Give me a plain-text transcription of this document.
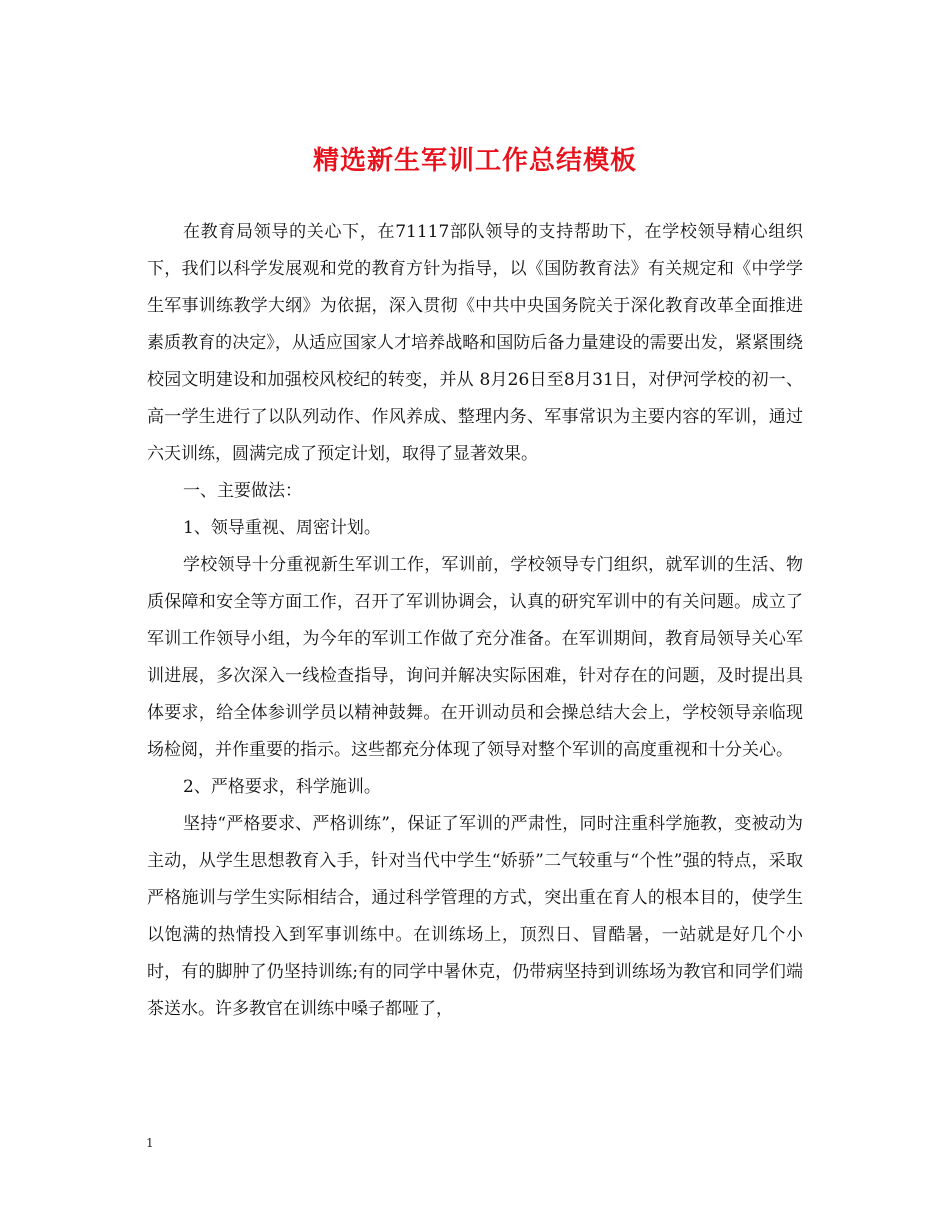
精选新生军训工作总结模板

在教育局领导的关心下，在71117部队领导的支持帮助下，在学校领导精心组织下，我们以科学发展观和党的教育方针为指导，以《国防教育法》有关规定和《中学学生军事训练教学大纲》为依据，深入贯彻《中共中央国务院关于深化教育改革全面推进素质教育的决定》，从适应国家人才培养战略和国防后备力量建设的需要出发，紧紧围绕校园文明建设和加强校风校纪的转变，并从 8月26日至8月31日，对伊河学校的初一、高一学生进行了以队列动作、作风养成、整理内务、军事常识为主要内容的军训，通过六天训练，圆满完成了预定计划，取得了显著效果。

一、主要做法：

1、领导重视、周密计划。

学校领导十分重视新生军训工作，军训前，学校领导专门组织，就军训的生活、物质保障和安全等方面工作，召开了军训协调会，认真的研究军训中的有关问题。成立了军训工作领导小组，为今年的军训工作做了充分准备。在军训期间，教育局领导关心军训进展，多次深入一线检查指导，询问并解决实际困难，针对存在的问题，及时提出具体要求，给全体参训学员以精神鼓舞。在开训动员和会操总结大会上，学校领导亲临现场检阅，并作重要的指示。这些都充分体现了领导对整个军训的高度重视和十分关心。

2、严格要求，科学施训。

坚持“严格要求、严格训练”，保证了军训的严肃性，同时注重科学施教，变被动为主动，从学生思想教育入手，针对当代中学生“娇骄”二气较重与“个性”强的特点，采取严格施训与学生实际相结合，通过科学管理的方式，突出重在育人的根本目的，使学生以饱满的热情投入到军事训练中。在训练场上，顶烈日、冒酷暑，一站就是好几个小时，有的脚肿了仍坚持训练;有的同学中暑休克，仍带病坚持到训练场为教官和同学们端茶送水。许多教官在训练中嗓子都哑了，

1
